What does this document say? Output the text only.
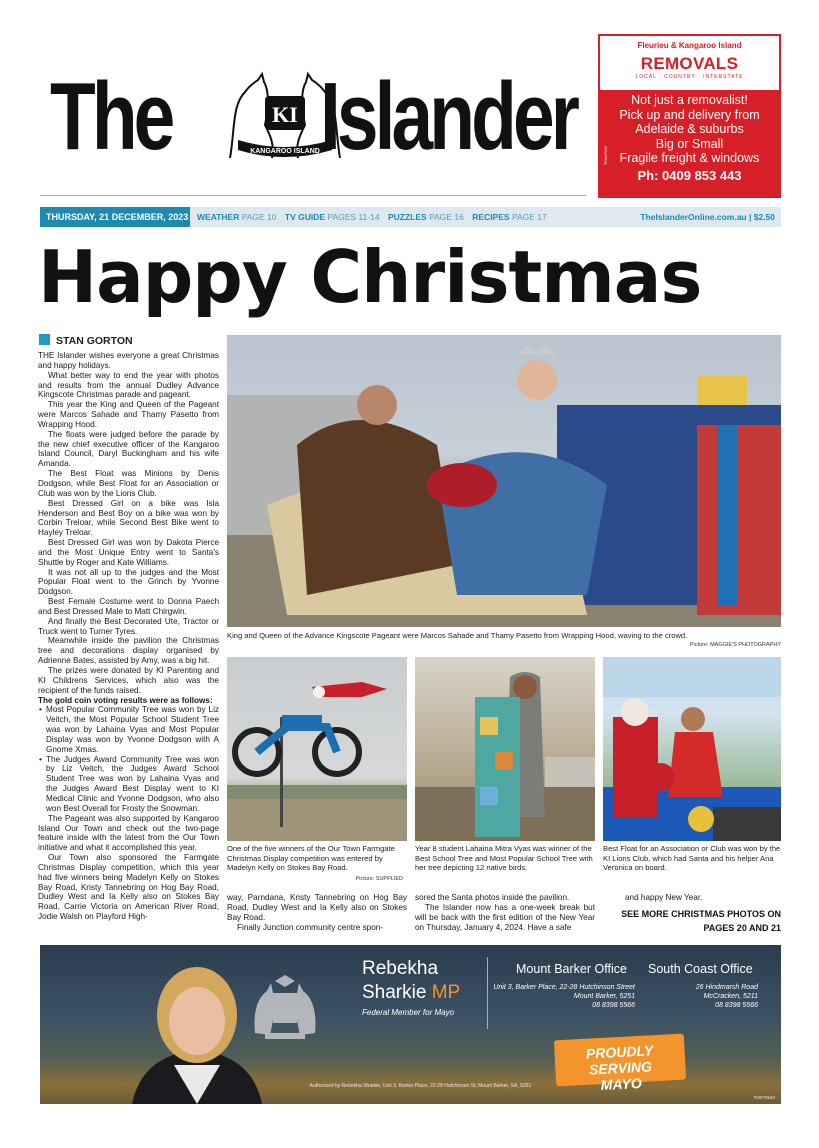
The	KI
KANGAROO ISLAND Islander
Fleurieu & Kangaroo Island
REMOVALS
LOCAL · COUNTRY · INTERSTATE
Not just a removalist!
Pick up and delivery from
Adelaide & suburbs
Big or Small
Fragile freight & windows
Ph: 0409 853 443
TI0047942
THURSDAY, 21 DECEMBER, 2023 WEATHER PAGE 10 TV GUIDE PAGES 11-14 PUZZLES PAGE 16 RECIPES PAGE 17	TheIslanderOnline.com.au | $2.50
Happy Christmas
STAN GORTON

THE Islander wishes everyone a great Christmas and happy holidays.

What better way to end the year with photos and results from the annual Dudley Advance Kingscote Christmas parade and pageant.

This year the King and Queen of the Pageant were Marcos Sahade and Thamy Pasetto from Wrapping Hood.

The floats were judged before the parade by the new chief executive officer of the Kangaroo Island Council, Daryl Buckingham and his wife Amanda.

The Best Float was Minions by Denis Dodgson, while Best Float for an Association or Club was won by the Lions Club.

Best Dressed Girl on a bike was Isla Henderson and Best Boy on a bike was won by Corbin Treloar, while Second Best Bike went to Hayley Treloar.

Best Dressed Girl was won by Dakota Pierce and the Most Unique Entry went to Santa's Shuttle by Roger and Kate Williams.

It was not all up to the judges and the Most Popular Float went to the Grinch by Yvonne Dodgson.

Best Female Costume went to Donna Paech and Best Dressed Male to Matt Chirgwin.

And finally the Best Decorated Ute, Tractor or Truck went to Turner Tyres.

Meanwhile inside the pavilion the Christmas tree and decorations display organised by Adrienne Bates, assisted by Amy, was a big hit.

The prizes were donated by KI Parenting and KI Childrens Services, which also was the recipient of the funds raised.

The gold coin voting results were as follows:

• Most Popular Community Tree was won by Liz Veitch, the Most Popular School Student Tree was won by Lahaina Vyas and Most Popular Display was won by Yvonne Dodgson with A Gnome Xmas.
• The Judges Award Community Tree was won by Liz Veitch, the Judges Award School Student Tree was won by Lahaina Vyas and the Judges Award Best Display went to KI Medical Clinic and Yvonne Dodgson, who also won Best Overall for Frosty the Snowman.

The Pageant was also supported by Kangaroo Island Our Town and check out the two-page feature inside with the latest from the Our Town initiative and what it accomplished this year.

Our Town also sponsored the Farmgate Christmas Display competition, which this year had five winners being Madelyn Kelly on Stokes Bay Road, Kristy Tannebring on Hog Bay Road, Dudley West and Ia Kelly also on Stokes Bay Road, Carrie Victoria on American River Road, Jodie Walsh on Playford High-

King and Queen of the Advance Kingscote Pageant were Marcos Sahade and Thamy Pasetto from Wrapping Hood, waving to the crowd.
Picture: MAGGIE'S PHOTOGRAPHY
One of the five winners of the Our Town Farmgate Christmas Display competition was entered by Madelyn Kelly on Stokes Bay Road.
Picture: SUPPLIED
Year 8 student Lahaina Mitra Vyas was winner of the Best School Tree and Most Popular School Tree with her tree depicting 12 native birds.
Best Float for an Association or Club was won by the KI Lions Club, which had Santa and his helper Ana Veronica on board.

way, Parndana, Kristy Tannebring on Hog Bay Road, Dudley West and Ia Kelly also on Stokes Bay Road.

Finally Junction community centre spon-

sored the Santa photos inside the pavilion.

The Islander now has a one-week break but will be back with the first edition of the New Year on Thursday, January 4, 2024. Have a safe

and happy New Year.
SEE MORE CHRISTMAS PHOTOS ON PAGES 20 AND 21
Rebekha
Sharkie MP
Federal Member for Mayo
Mount Barker Office South Coast Office
Unit 3, Barker Place, 22-28 Hutchinson Street
Mount Barker, 5251
08 8398 5566
26 Hindmarsh Road
McCracken, 5211
08 8398 5566
PROUDLY SERVING
MAYO
Authorised by Rebekha Sharkie, Unit 3, Barker Place, 22-28 Hutchinson St, Mount Barker, SA, 5251
TI0078540
